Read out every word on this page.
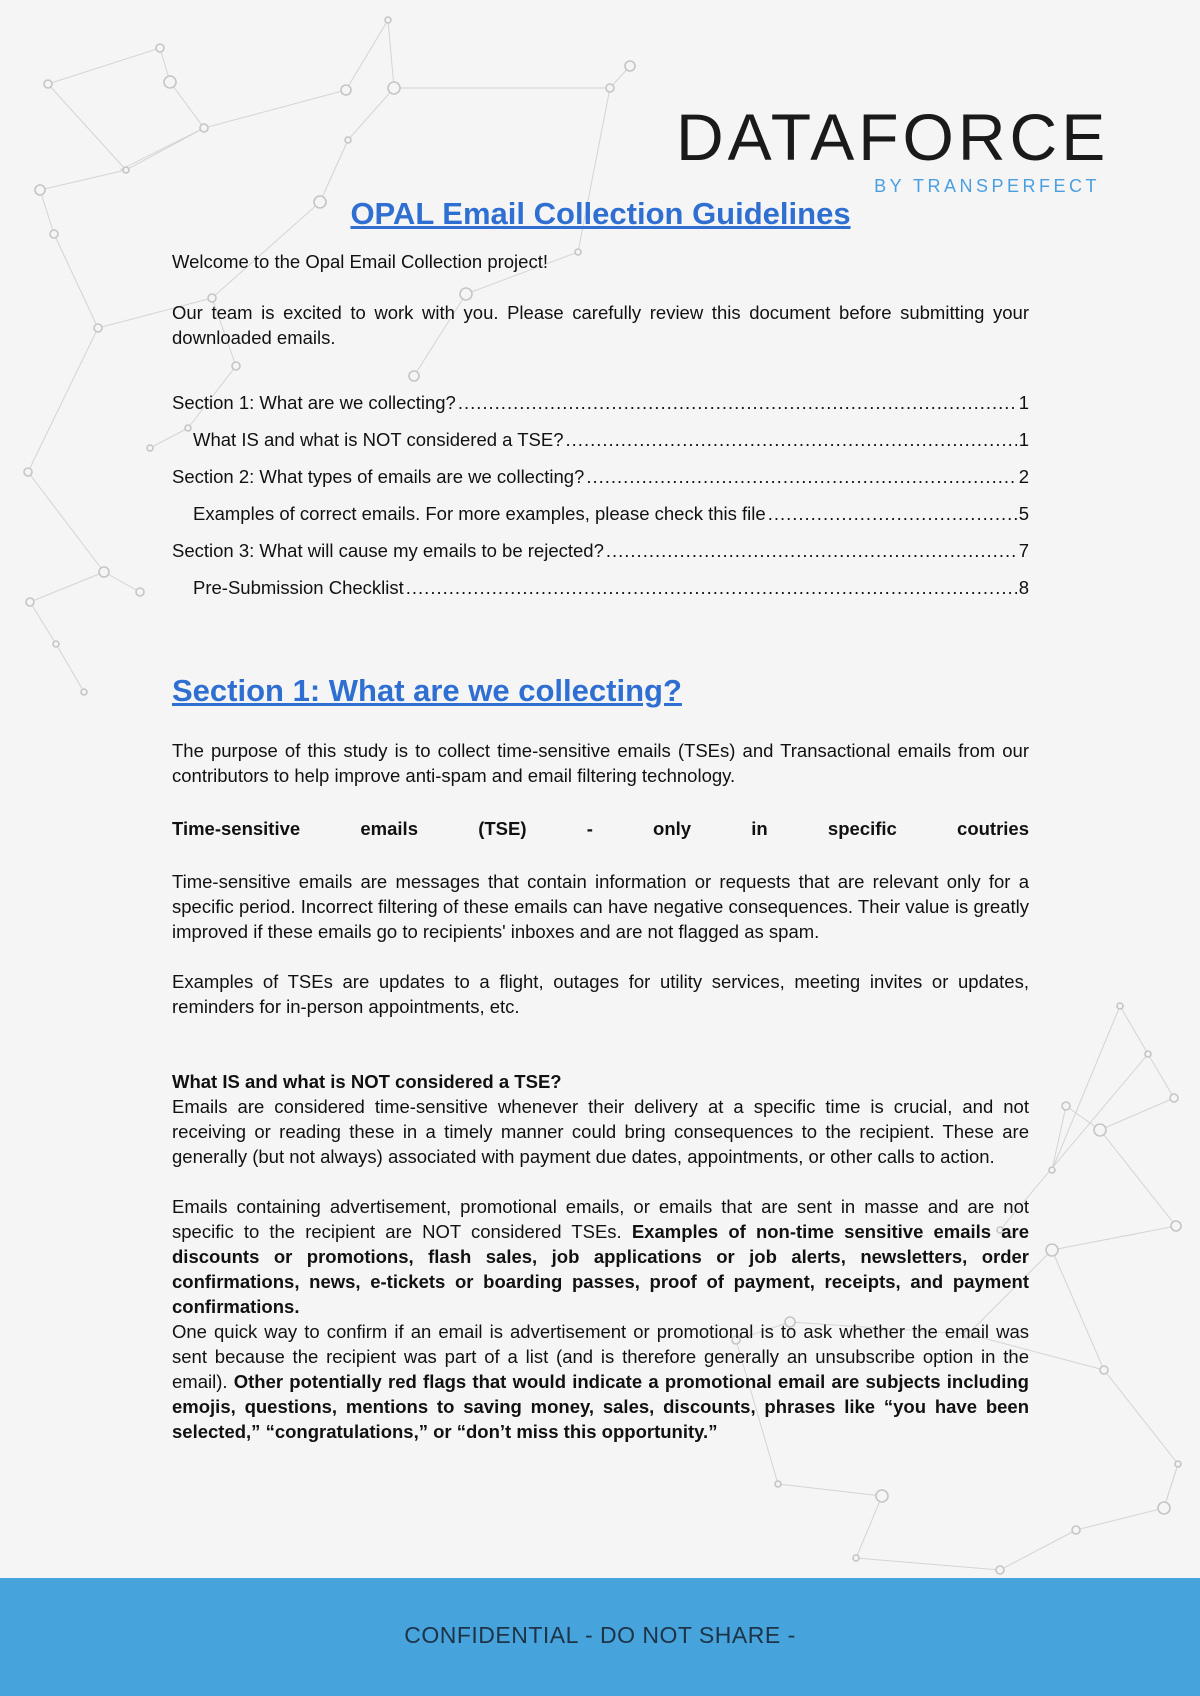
DATAFORCE
BY TRANSPERFECT
OPAL Email Collection Guidelines

Welcome to the Opal Email Collection project!

Our team is excited to work with you. Please carefully review this document before submitting your downloaded emails.

Section 1: What are we collecting? .....	1
What IS and what is NOT considered a TSE? .....	1
Section 2: What types of emails are we collecting? .....	2
Examples of correct emails. For more examples, please check this file .....	5
Section 3: What will cause my emails to be rejected? .....	7
Pre-Submission Checklist .....	8
Section 1: What are we collecting?

The purpose of this study is to collect time-sensitive emails (TSEs) and Transactional emails from our contributors to help improve anti-spam and email filtering technology.

Time-sensitive emails (TSE) - only in specific coutries

Time-sensitive emails are messages that contain information or requests that are relevant only for a specific period. Incorrect filtering of these emails can have negative consequences. Their value is greatly improved if these emails go to recipients' inboxes and are not flagged as spam.

Examples of TSEs are updates to a flight, outages for utility services, meeting invites or updates, reminders for in-person appointments, etc.

What IS and what is NOT considered a TSE?

Emails are considered time-sensitive whenever their delivery at a specific time is crucial, and not receiving or reading these in a timely manner could bring consequences to the recipient. These are generally (but not always) associated with payment due dates, appointments, or other calls to action.

Emails containing advertisement, promotional emails, or emails that are sent in masse and are not specific to the recipient are NOT considered TSEs. Examples of non-time sensitive emails are discounts or promotions, flash sales, job applications or job alerts, newsletters, order confirmations, news, e-tickets or boarding passes, proof of payment, receipts, and payment confirmations.

One quick way to confirm if an email is advertisement or promotional is to ask whether the email was sent because the recipient was part of a list (and is therefore generally an unsubscribe option in the email). Other potentially red flags that would indicate a promotional email are subjects including emojis, questions, mentions to saving money, sales, discounts, phrases like “you have been selected,” “congratulations,” or “don’t miss this opportunity.”

CONFIDENTIAL - DO NOT SHARE -
